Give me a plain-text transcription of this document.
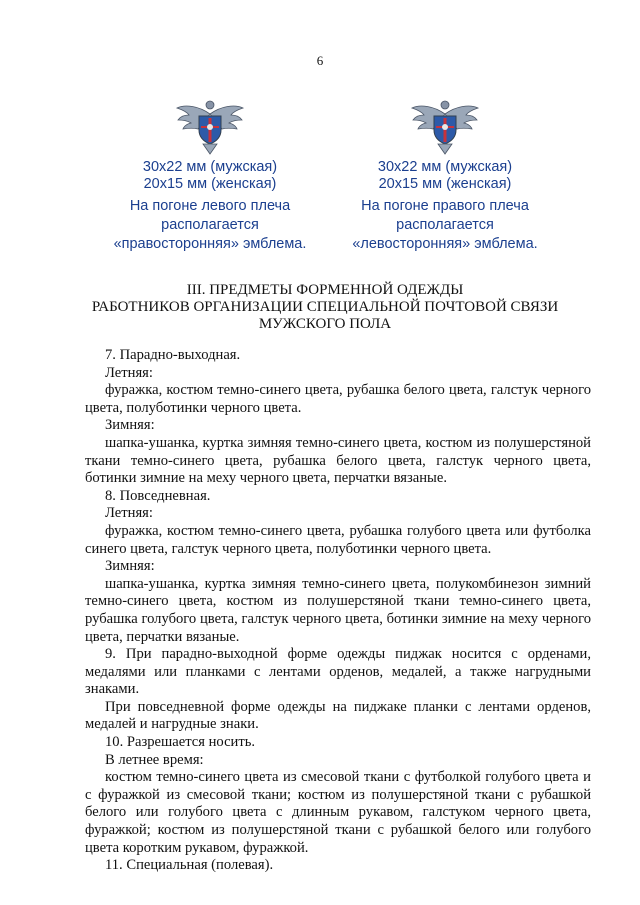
6
30х22 мм (мужская)
20х15 мм (женская)
На погоне левого плеча
располагается
«правосторонняя» эмблема.
30х22 мм (мужская)
20х15 мм (женская)
На погоне правого плеча
располагается
«левосторонняя» эмблема.
III. ПРЕДМЕТЫ ФОРМЕННОЙ ОДЕЖДЫ
РАБОТНИКОВ ОРГАНИЗАЦИИ СПЕЦИАЛЬНОЙ ПОЧТОВОЙ СВЯЗИ
МУЖСКОГО ПОЛА

7. Парадно-выходная.

Летняя:

фуражка, костюм темно-синего цвета, рубашка белого цвета, галстук черного цвета, полуботинки черного цвета.

Зимняя:

шапка-ушанка, куртка зимняя темно-синего цвета, костюм из полушерстяной ткани темно-синего цвета, рубашка белого цвета, галстук черного цвета, ботинки зимние на меху черного цвета, перчатки вязаные.

8. Повседневная.

Летняя:

фуражка, костюм темно-синего цвета, рубашка голубого цвета или футболка синего цвета, галстук черного цвета, полуботинки черного цвета.

Зимняя:

шапка-ушанка, куртка зимняя темно-синего цвета, полукомбинезон зимний темно-синего цвета, костюм из полушерстяной ткани темно-синего цвета, рубашка голубого цвета, галстук черного цвета, ботинки зимние на меху черного цвета, перчатки вязаные.

9. При парадно-выходной форме одежды пиджак носится с орденами, медалями или планками с лентами орденов, медалей, а также нагрудными знаками.

При повседневной форме одежды на пиджаке планки с лентами орденов, медалей и нагрудные знаки.

10. Разрешается носить.

В летнее время:

костюм темно-синего цвета из смесовой ткани с футболкой голубого цвета и с фуражкой из смесовой ткани; костюм из полушерстяной ткани с рубашкой белого или голубого цвета с длинным рукавом, галстуком черного цвета, фуражкой; костюм из полушерстяной ткани с рубашкой белого или голубого цвета коротким рукавом, фуражкой.

11. Специальная (полевая).
